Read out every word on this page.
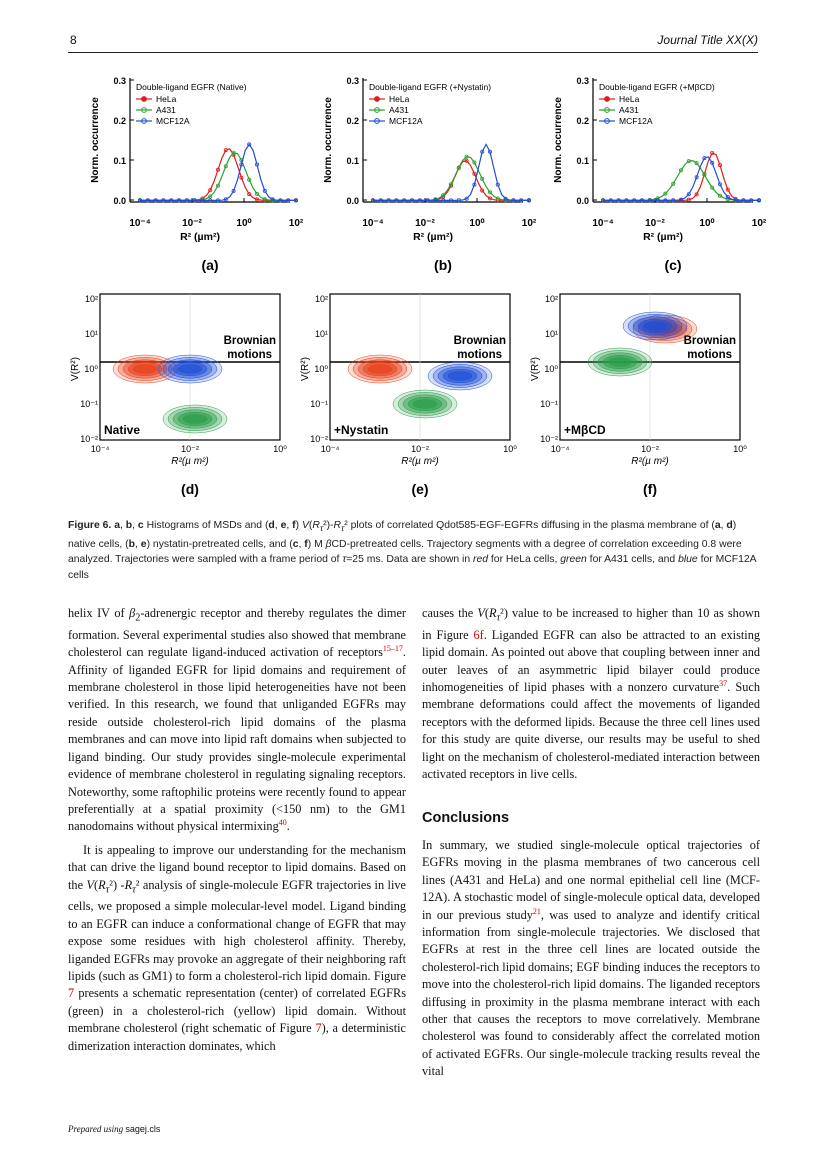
8	Journal Title XX(X)
0.3
0.2
0.1
0.0
10⁻⁴	10⁻²	10⁰	10²
R² (µm²)
Norm. occurrence
Double-ligand EGFR (Native)
HeLa
A431
MCF12A
(a)
0.3
0.2
0.1
0.0
10⁻⁴	10⁻²	10⁰	10²
R² (µm²)
Norm. occurrence
Double-ligand EGFR (+Nystatin)
HeLa
A431
MCF12A
(b)
0.3
0.2
0.1
0.0
10⁻⁴	10⁻²	10⁰	10²
R² (µm²)
Norm. occurrence
Double-ligand EGFR (+MβCD)
HeLa
A431
MCF12A
(c)
Brownian
motions
Native
10²
10¹
10⁰
10⁻¹
10⁻²
10⁻⁴	10⁻²	10⁰
R²(µ m²)
V(R²)
(d)
Brownian
motions
+Nystatin
10²
10¹
10⁰
10⁻¹
10⁻²
10⁻⁴	10⁻²	10⁰
R²(µ m²)
V(R²)
(e)
Brownian
motions
+MβCD
10²
10¹
10⁰
10⁻¹
10⁻²
10⁻⁴	10⁻²	10⁰
R²(µ m²)
V(R²)
(f)
Figure 6. a, b, c Histograms of MSDs and (d, e, f) $V(R_\tau^2)-R_\tau^2$ plots of correlated Qdot585-EGF-EGFRs diffusing in the plasma membrane of (a, d) native cells, (b, e) nystatin-pretreated cells, and (c, f) M βCD-pretreated cells. Trajectory segments with a degree of correlation exceeding 0.8 were analyzed. Trajectories were sampled with a frame period of τ=25 ms. Data are shown in red for HeLa cells, green for A431 cells, and blue for MCF12A cells

helix IV of $\beta_2$-adrenergic receptor and thereby regulates the dimer formation. Several experimental studies also showed that membrane cholesterol can regulate ligand-induced activation of receptors$^{15-17}$. Affinity of liganded EGFR for lipid domains and requirement of membrane cholesterol in those lipid heterogeneities have not been verified. In this research, we found that unliganded EGFRs may reside outside cholesterol-rich lipid domains of the plasma membranes and can move into lipid raft domains when subjected to ligand binding. Our study provides single-molecule experimental evidence of membrane cholesterol in regulating signaling receptors. Noteworthy, some raftophilic proteins were recently found to appear preferentially at a spatial proximity (<150 nm) to the GM1 nanodomains without physical intermixing$^{40}$.

It is appealing to improve our understanding for the mechanism that can drive the ligand bound receptor to lipid domains. Based on the $V(R_\tau^2)$ $-R_\tau^2$ analysis of single-molecule EGFR trajectories in live cells, we proposed a simple molecular-level model. Ligand binding to an EGFR can induce a conformational change of EGFR that may expose some residues with high cholesterol affinity. Thereby, liganded EGFRs may provoke an aggregate of their neighboring raft lipids (such as GM1) to form a cholesterol-rich lipid domain. Figure 7 presents a schematic representation (center) of correlated EGFRs (green) in a cholesterol-rich (yellow) lipid domain. Without membrane cholesterol (right schematic of Figure 7), a deterministic dimerization interaction dominates, which

causes the $V(R_\tau^2)$ value to be increased to higher than 10 as shown in Figure 6f. Liganded EGFR can also be attracted to an existing lipid domain. As pointed out above that coupling between inner and outer leaves of an asymmetric lipid bilayer could produce inhomogeneities of lipid phases with a nonzero curvature$^{37}$. Such membrane deformations could affect the movements of liganded receptors with the deformed lipids. Because the three cell lines used for this study are quite diverse, our results may be useful to shed light on the mechanism of cholesterol-mediated interaction between activated receptors in live cells.

Conclusions

In summary, we studied single-molecule optical trajectories of EGFRs moving in the plasma membranes of two cancerous cell lines (A431 and HeLa) and one normal epithelial cell line (MCF-12A). A stochastic model of single-molecule optical data, developed in our previous study$^{21}$, was used to analyze and identify critical information from single-molecule trajectories. We disclosed that EGFRs at rest in the three cell lines are located outside the cholesterol-rich lipid domains; EGF binding induces the receptors to move into the cholesterol-rich lipid domains. The liganded receptors diffusing in proximity in the plasma membrane interact with each other that causes the receptors to move correlatively. Membrane cholesterol was found to considerably affect the correlated motion of activated EGFRs. Our single-molecule tracking results reveal the vital

Prepared using sagej.cls
